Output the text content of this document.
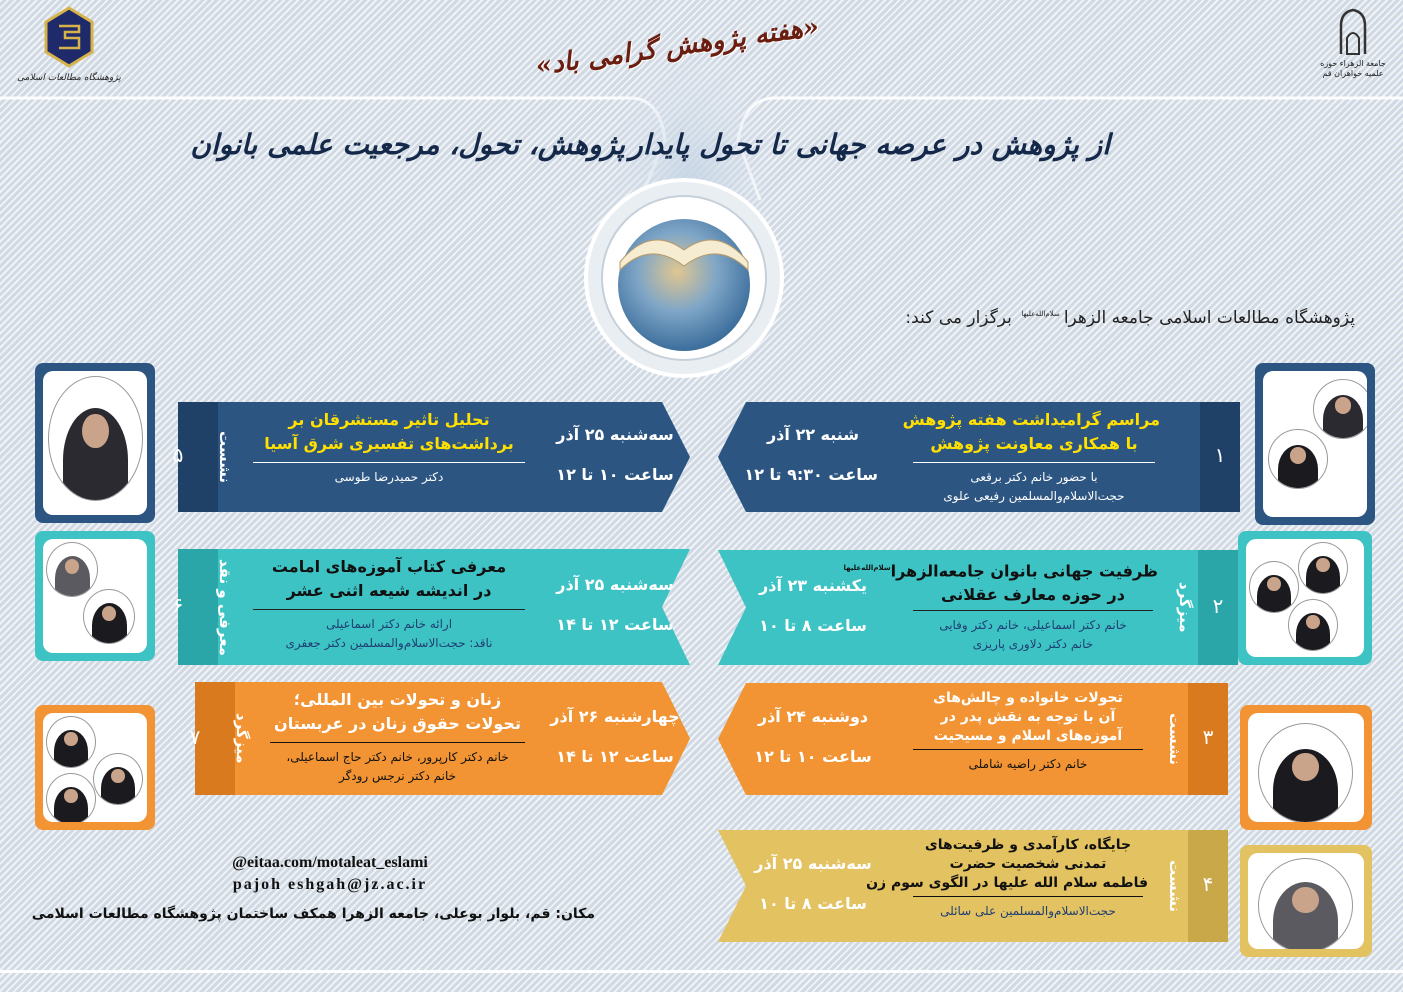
پژوهشگاه مطالعات اسلامی
جامعة الزهراء حوزه علمیه خواهران قم
«هفته پژوهش گرامی باد»
از پژوهش در عرصه جهانی تا تحول پایدار
پژوهش، تحول، مرجعیت علمی بانوان
پژوهشگاه مطالعات اسلامی جامعه الزهرا$^{سلام‌الله‌علیها}$ برگزار می کند:
۱
مراسم گرامیداشت هفته پژوهش
با همکاری معاونت پژوهش
با حضور خانم دکتر برقعی
حجت‌الاسلام‌والمسلمین رفیعی علوی
شنبه ۲۲ آذر
ساعت ۹:۳۰ تا ۱۲
۲
میزگرد
ظرفیت جهانی بانوان جامعه‌الزهرا$^{سلام‌الله‌علیها}$
در حوزه معارف عقلانی
خانم دکتر اسماعیلی، خانم دکتر وفایی
خانم دکتر دلاوری پاریزی
یکشنبه ۲۳ آذر
ساعت ۸ تا ۱۰
۳
نشست
تحولات خانواده و چالش‌های
آن با توجه به نقش پدر در
آموزه‌های اسلام و مسیحیت
خانم دکتر راضیه شاملی
دوشنبه ۲۴ آذر
ساعت ۱۰ تا ۱۲
۴
نشست
جایگاه، کارآمدی و ظرفیت‌های
تمدنی شخصیت حضرت
فاطمه سلام الله علیها در الگوی سوم زن
حجت‌الاسلام‌والمسلمین علی سائلی
سه‌شنبه ۲۵ آذر
ساعت ۸ تا ۱۰
۵	نشست
تحلیل تاثیر مستشرقان بر
برداشت‌های تفسیری شرق آسیا
دکتر حمیدرضا طوسی
سه‌شنبه ۲۵ آذر
ساعت ۱۰ تا ۱۲
۶	معرفی و نقد	معرفی کتاب آموزه‌های امامت
در اندیشه شیعه اثنی عشر
ارائه خانم دکتر اسماعیلی
ناقد: حجت‌الاسلام‌والمسلمین دکتر جعفری
سه‌شنبه ۲۵ آذر
ساعت ۱۲ تا ۱۴
۷	میزگرد
زنان و تحولات بین المللی؛
تحولات حقوق زنان در عربستان
خانم دکتر کارپرور، خانم دکتر حاج اسماعیلی،
خانم دکتر نرجس رودگر
چهارشنبه ۲۶ آذر
ساعت ۱۲ تا ۱۴
@eitaa.com/motaleat_eslami
pajoh eshgah@jz.ac.ir
مکان: قم، بلوار بوعلی، جامعه الزهرا همکف ساختمان پژوهشگاه مطالعات اسلامی
